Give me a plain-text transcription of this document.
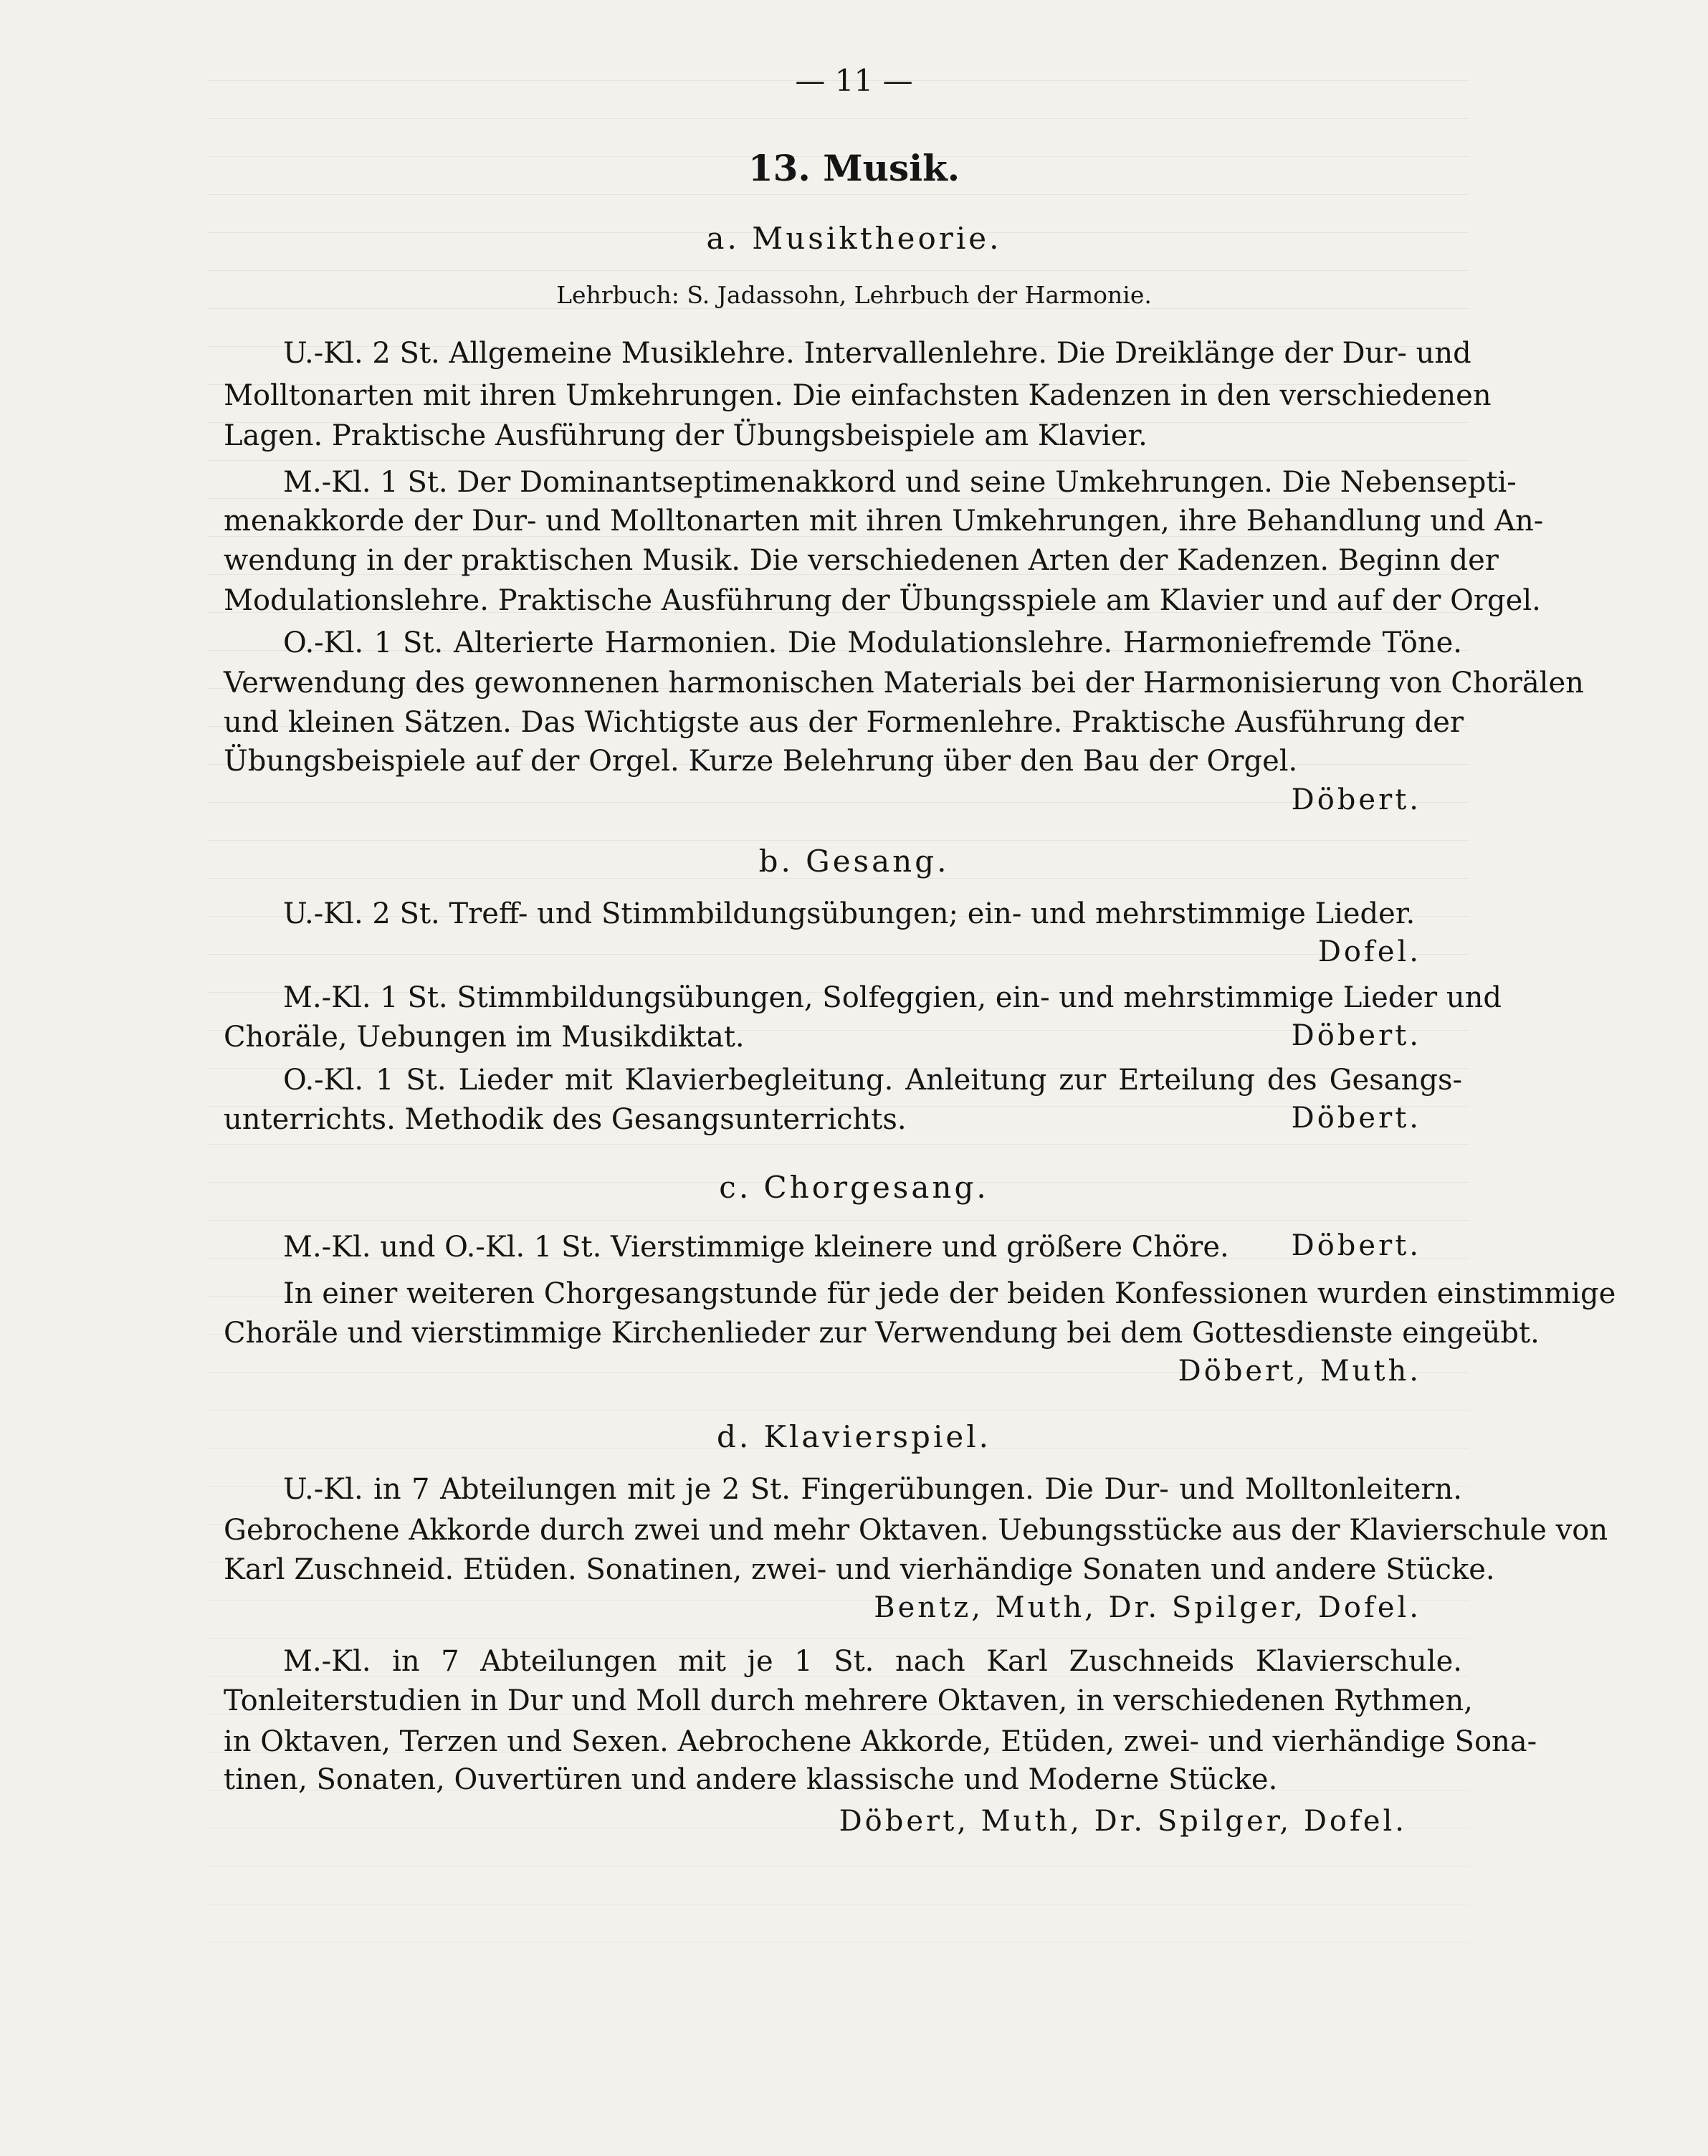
— 11 —
13. Musik.
a. Musiktheorie.
Lehrbuch: S. Jadassohn, Lehrbuch der Harmonie.
U.-Kl. 2 St. Allgemeine Musiklehre. Intervallenlehre. Die Dreiklänge der Dur- und
Molltonarten mit ihren Umkehrungen. Die einfachsten Kadenzen in den verschiedenen
Lagen. Praktische Ausführung der Übungsbeispiele am Klavier.
M.-Kl. 1 St. Der Dominantseptimenakkord und seine Umkehrungen. Die Nebensepti-
menakkorde der Dur- und Molltonarten mit ihren Umkehrungen, ihre Behandlung und An-
wendung in der praktischen Musik. Die verschiedenen Arten der Kadenzen. Beginn der
Modulationslehre. Praktische Ausführung der Übungsspiele am Klavier und auf der Orgel.
O.-Kl. 1 St. Alterierte Harmonien. Die Modulationslehre. Harmoniefremde Töne.
Verwendung des gewonnenen harmonischen Materials bei der Harmonisierung von Chorälen
und kleinen Sätzen. Das Wichtigste aus der Formenlehre. Praktische Ausführung der
Übungsbeispiele auf der Orgel. Kurze Belehrung über den Bau der Orgel.
Döbert.
b. Gesang.
U.-Kl. 2 St. Treff- und Stimmbildungsübungen; ein- und mehrstimmige Lieder.
Dofel.
M.-Kl. 1 St. Stimmbildungsübungen, Solfeggien, ein- und mehrstimmige Lieder und
Choräle, Uebungen im Musikdiktat.	Döbert.
O.-Kl. 1 St. Lieder mit Klavierbegleitung. Anleitung zur Erteilung des Gesangs-
unterrichts. Methodik des Gesangsunterrichts.	Döbert.
c. Chorgesang.
M.-Kl. und O.-Kl. 1 St. Vierstimmige kleinere und größere Chöre.	Döbert.
In einer weiteren Chorgesangstunde für jede der beiden Konfessionen wurden einstimmige
Choräle und vierstimmige Kirchenlieder zur Verwendung bei dem Gottesdienste eingeübt.
Döbert, Muth.
d. Klavierspiel.
U.-Kl. in 7 Abteilungen mit je 2 St. Fingerübungen. Die Dur- und Molltonleitern.
Gebrochene Akkorde durch zwei und mehr Oktaven. Uebungsstücke aus der Klavierschule von
Karl Zuschneid. Etüden. Sonatinen, zwei- und vierhändige Sonaten und andere Stücke.
Bentz, Muth, Dr. Spilger, Dofel.
M.-Kl. in 7 Abteilungen mit je 1 St. nach Karl Zuschneids Klavierschule.
Tonleiterstudien in Dur und Moll durch mehrere Oktaven, in verschiedenen Rythmen,
in Oktaven, Terzen und Sexen. Aebrochene Akkorde, Etüden, zwei- und vierhändige Sona-
tinen, Sonaten, Ouvertüren und andere klassische und Moderne Stücke.
Döbert, Muth, Dr. Spilger, Dofel.
